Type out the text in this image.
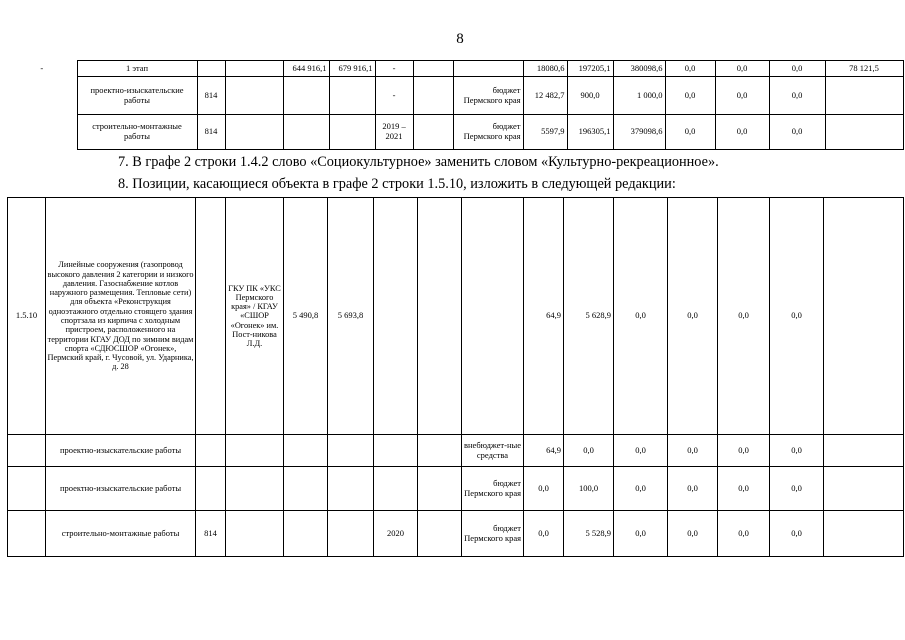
8
-	1 этап			644 916,1	679 916,1	-			18080,6	197205,1	380098,6	0,0	0,0	0,0	78 121,5
	проектно-изыскательские работы	814				-		бюджет Пермского края	12 482,7	900,0	1 000,0	0,0	0,0	0,0	
	строительно-монтажные работы	814				2019 – 2021		бюджет Пермского края	5597,9	196305,1	379098,6	0,0	0,0	0,0	
7. В графе 2 строки 1.4.2 слово «Социокультурное» заменить словом «Культурно-рекреационное».
8. Позиции, касающиеся объекта в графе 2 строки 1.5.10, изложить в следующей редакции:
1.5.10	Линейные сооружения (газопровод высокого давления 2 категории и низкого давления. Газоснабжение котлов наружного размещения. Тепловые сети) для объекта «Реконструкция одноэтажного отдельно стоящего здания спортзала из кирпича с холодным пристроем, расположенного на территории КГАУ ДОД по зимним видам спорта «СДЮСШОР «Огонек», Пермский край, г. Чусовой, ул. Ударника, д. 28		ГКУ ПК «УКС Пермского края» / КГАУ «СШОР «Огонек» им. Пост-никова Л.Д.	5 490,8	5 693,8				64,9	5 628,9	0,0	0,0	0,0	0,0	
	проектно-изыскательские работы							внебюджет-ные средства	64,9	0,0	0,0	0,0	0,0	0,0	
	проектно-изыскательские работы							бюджет Пермского края	0,0	100,0	0,0	0,0	0,0	0,0	
	строительно-монтажные работы	814				2020		бюджет Пермского края	0,0	5 528,9	0,0	0,0	0,0	0,0	
